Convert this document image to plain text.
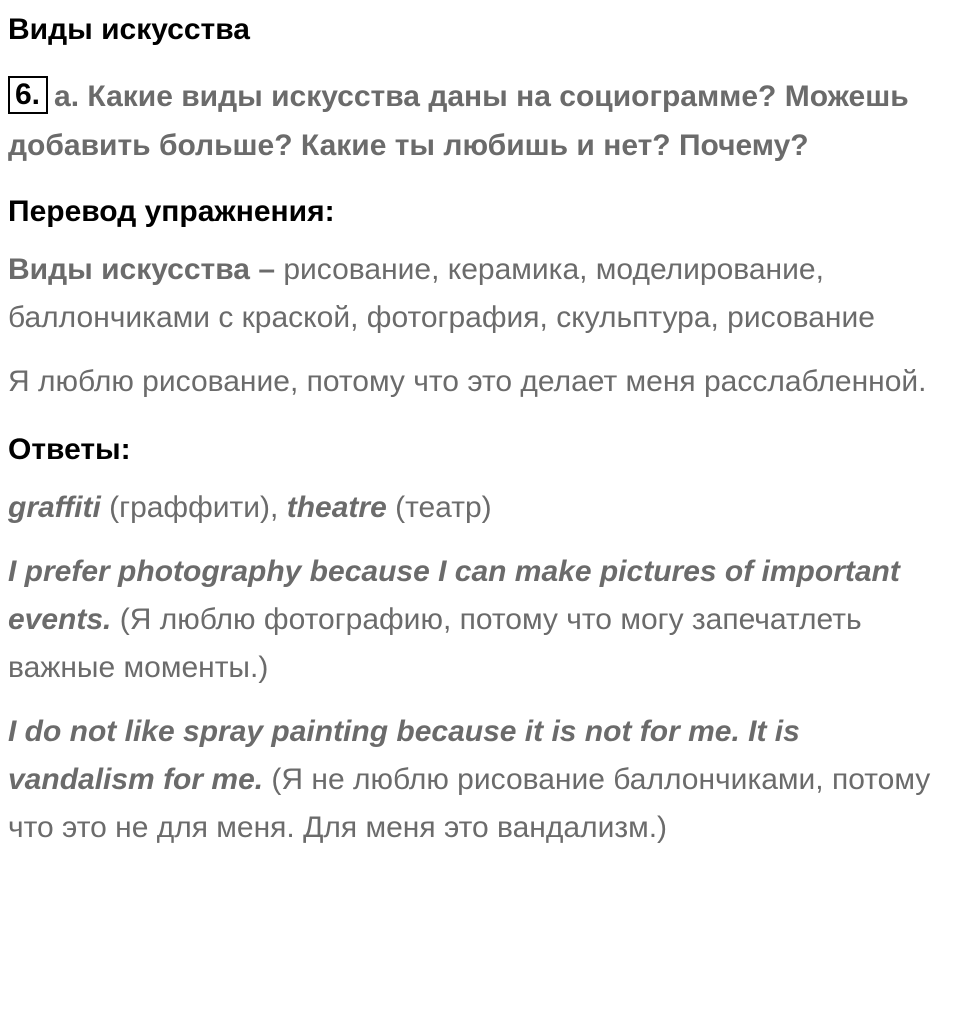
Виды искусства
6. a. Какие виды искусства даны на социограмме? Можешь добавить больше? Какие ты любишь и нет? Почему?
Перевод упражнения:
Виды искусства – рисование, керамика, моделирование, баллончиками с краской, фотография, скульптура, рисование
Я люблю рисование, потому что это делает меня расслабленной.
Ответы:
graffiti (граффити), theatre (театр)
I prefer photography because I can make pictures of important events. (Я люблю фотографию, потому что могу запечатлеть важные моменты.)
I do not like spray painting because it is not for me. It is vandalism for me. (Я не люблю рисование баллончиками, потому что это не для меня. Для меня это вандализм.)
